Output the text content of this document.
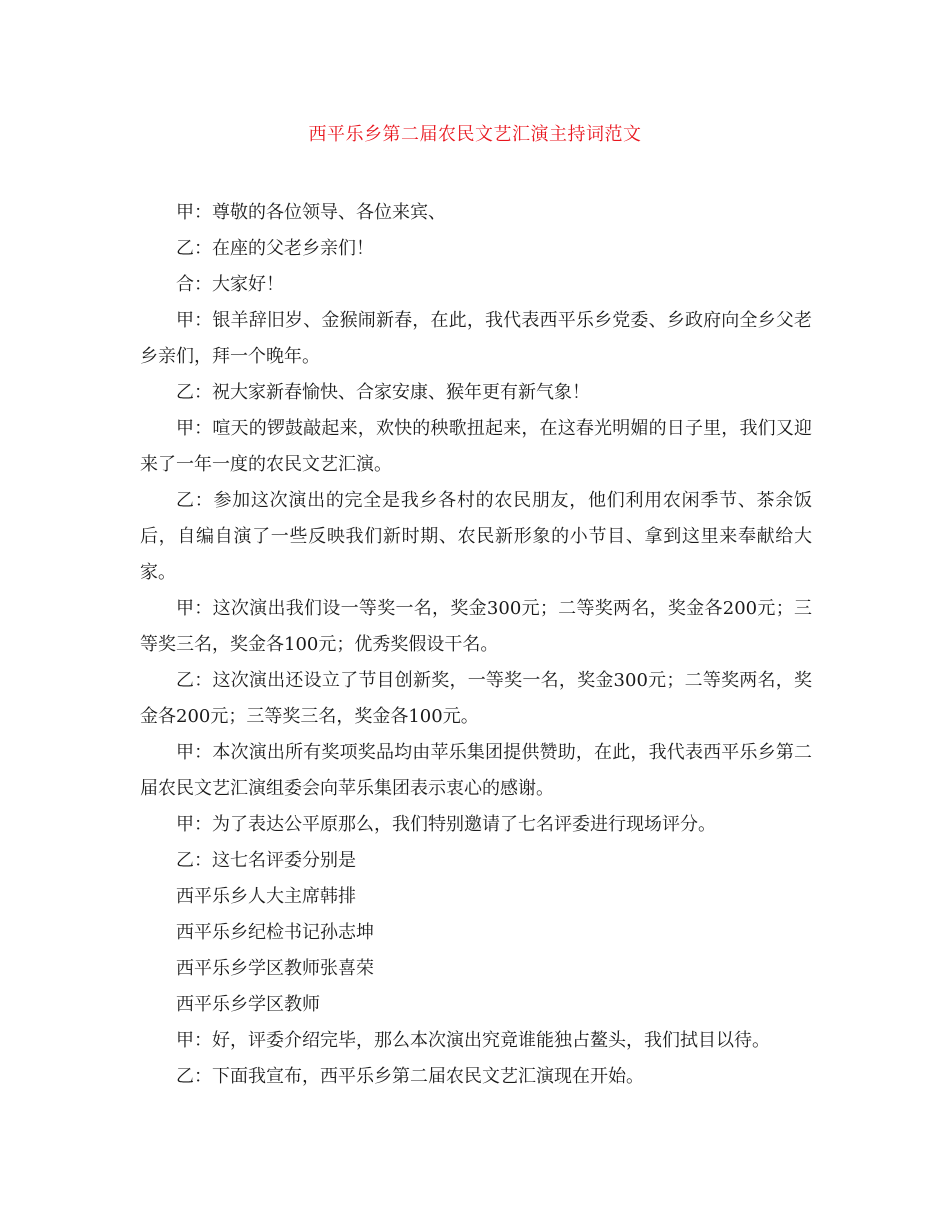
西平乐乡第二届农民文艺汇演主持词范文

甲：尊敬的各位领导、各位来宾、

乙：在座的父老乡亲们！

合：大家好！

甲：银羊辞旧岁、金猴闹新春，在此，我代表西平乐乡党委、乡政府向全乡父老乡亲们，拜一个晚年。

乙：祝大家新春愉快、合家安康、猴年更有新气象！

甲：喧天的锣鼓敲起来，欢快的秧歌扭起来，在这春光明媚的日子里，我们又迎来了一年一度的农民文艺汇演。

乙：参加这次演出的完全是我乡各村的农民朋友，他们利用农闲季节、茶余饭后，自编自演了一些反映我们新时期、农民新形象的小节目、拿到这里来奉献给大家。

甲：这次演出我们设一等奖一名，奖金300元；二等奖两名，奖金各200元；三等奖三名，奖金各100元；优秀奖假设干名。

乙：这次演出还设立了节目创新奖，一等奖一名，奖金300元；二等奖两名，奖金各200元；三等奖三名，奖金各100元。

甲：本次演出所有奖项奖品均由苹乐集团提供赞助，在此，我代表西平乐乡第二届农民文艺汇演组委会向苹乐集团表示衷心的感谢。

甲：为了表达公平原那么，我们特别邀请了七名评委进行现场评分。

乙：这七名评委分别是

西平乐乡人大主席韩排

西平乐乡纪检书记孙志坤

西平乐乡学区教师张喜荣

西平乐乡学区教师

甲：好，评委介绍完毕，那么本次演出究竟谁能独占鳌头，我们拭目以待。

乙：下面我宣布，西平乐乡第二届农民文艺汇演现在开始。
